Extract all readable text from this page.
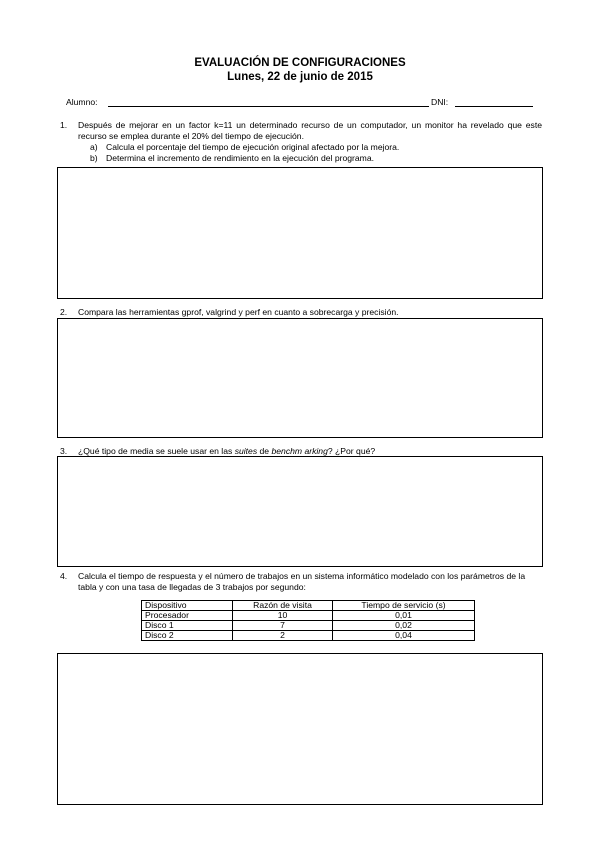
EVALUACIÓN DE CONFIGURACIONES
Lunes, 22 de junio de 2015
Alumno:	DNI:
1. Después de mejorar en un factor k=11 un determinado recurso de un computador, un monitor ha revelado que este recurso se emplea durante el 20% del tiempo de ejecución.
a) Calcula el porcentaje del tiempo de ejecución original afectado por la mejora.
b) Determina el incremento de rendimiento en la ejecución del programa.
2. Compara las herramientas gprof, valgrind y perf en cuanto a sobrecarga y precisión.
3. ¿Qué tipo de media se suele usar en las suites de benchm arking? ¿Por qué?
4. Calcula el tiempo de respuesta y el número de trabajos en un sistema informático modelado con los parámetros de la tabla y con una tasa de llegadas de 3 trabajos por segundo:
Dispositivo	Razón de visita	Tiempo de servicio (s)
Procesador	10	0,01
Disco 1	7	0,02
Disco 2	2	0,04
